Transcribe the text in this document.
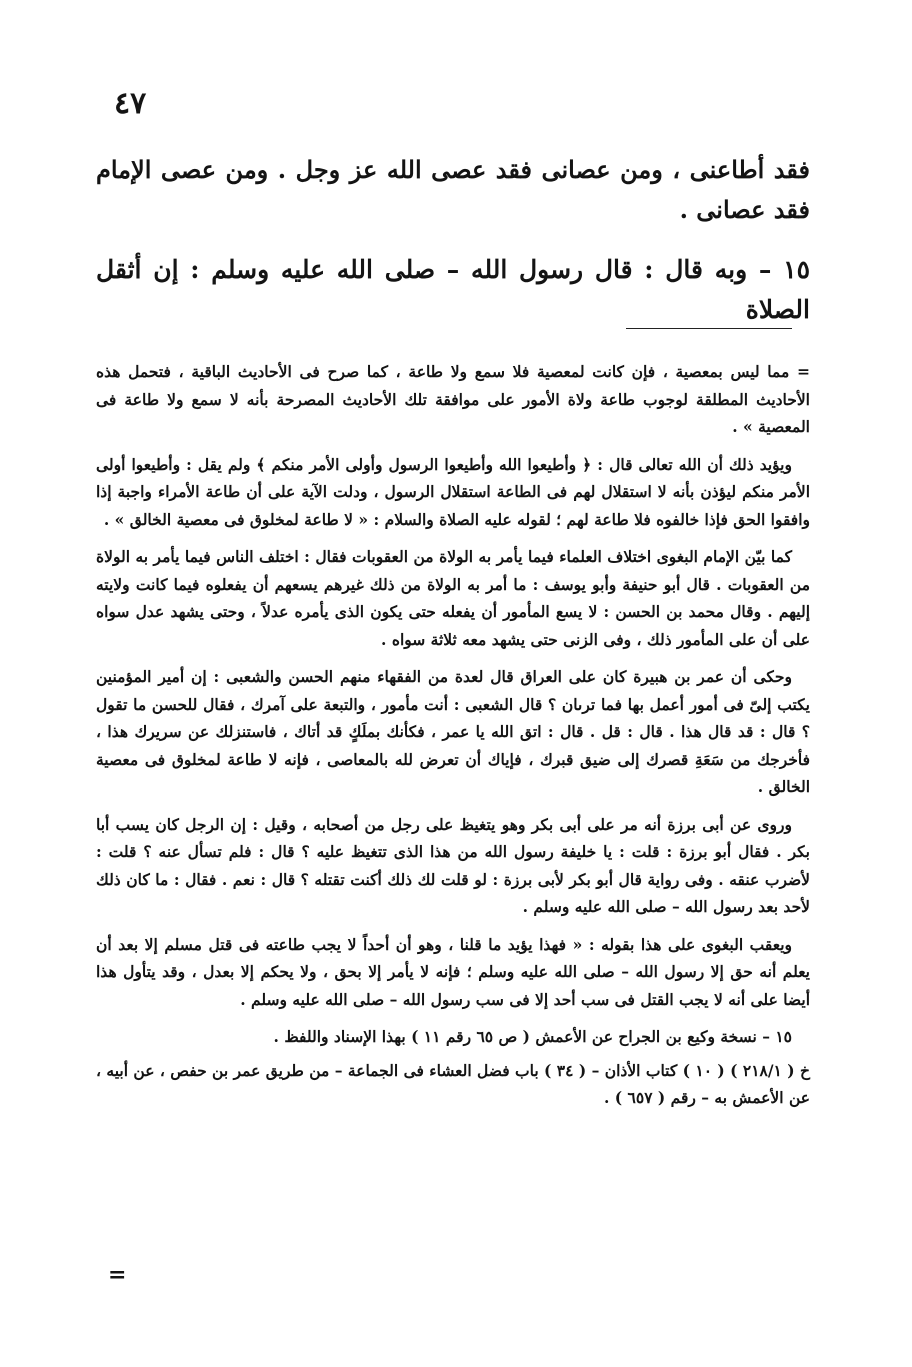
٤٧
فقد أطاعنى ، ومن عصانى فقد عصى الله عز وجل . ومن عصى الإمام فقد عصانى .
١٥ – وبه قال : قال رسول الله – صلى الله عليه وسلم : إن أثقل الصلاة

= مما ليس بمعصية ، فإن كانت لمعصية فلا سمع ولا طاعة ، كما صرح فى الأحاديث الباقية ، فتحمل هذه الأحاديث المطلقة لوجوب طاعة ولاة الأمور على موافقة تلك الأحاديث المصرحة بأنه لا سمع ولا طاعة فى المعصية » .

ويؤيد ذلك أن الله تعالى قال : ﴿ وأطيعوا الله وأطيعوا الرسول وأولى الأمر منكم ﴾ ولم يقل : وأطيعوا أولى الأمر منكم ليؤذن بأنه لا استقلال لهم فى الطاعة استقلال الرسول ، ودلت الآية على أن طاعة الأمراء واجبة إذا وافقوا الحق فإذا خالفوه فلا طاعة لهم ؛ لقوله عليه الصلاة والسلام : « لا طاعة لمخلوق فى معصية الخالق » .

كما بيّن الإمام البغوى اختلاف العلماء فيما يأمر به الولاة من العقوبات فقال : اختلف الناس فيما يأمر به الولاة من العقوبات . قال أبو حنيفة وأبو يوسف : ما أمر به الولاة من ذلك غيرهم يسعهم أن يفعلوه فيما كانت ولايته إليهم . وقال محمد بن الحسن : لا يسع المأمور أن يفعله حتى يكون الذى يأمره عدلاً ، وحتى يشهد عدل سواه على أن على المأمور ذلك ، وفى الزنى حتى يشهد معه ثلاثة سواه .

وحكى أن عمر بن هبيرة كان على العراق قال لعدة من الفقهاء منهم الحسن والشعبى : إن أمير المؤمنين يكتب إلىّ فى أمور أعمل بها فما ترىان ؟ قال الشعبى : أنت مأمور ، والتبعة على آمرك ، فقال للحسن ما تقول ؟ قال : قد قال هذا . قال : قل . قال : اتق الله يا عمر ، فكأنك بملَكٍ قد أتاك ، فاستنزلك عن سريرك هذا ، فأخرجك من سَعَةِ قصرك إلى ضيق قبرك ، فإياك أن تعرض لله بالمعاصى ، فإنه لا طاعة لمخلوق فى معصية الخالق .

وروى عن أبى برزة أنه مر على أبى بكر وهو يتغيظ على رجل من أصحابه ، وقيل : إن الرجل كان يسب أبا بكر . فقال أبو برزة : قلت : يا خليفة رسول الله من هذا الذى تتغيظ عليه ؟ قال : فلم تسأل عنه ؟ قلت : لأضرب عنقه . وفى رواية قال أبو بكر لأبى برزة : لو قلت لك ذلك أكنت تقتله ؟ قال : نعم . فقال : ما كان ذلك لأحد بعد رسول الله – صلى الله عليه وسلم .

ويعقب البغوى على هذا بقوله : « فهذا يؤيد ما قلنا ، وهو أن أحداً لا يجب طاعته فى قتل مسلم إلا بعد أن يعلم أنه حق إلا رسول الله – صلى الله عليه وسلم ؛ فإنه لا يأمر إلا بحق ، ولا يحكم إلا بعدل ، وقد يتأول هذا أيضا على أنه لا يجب القتل فى سب أحد إلا فى سب رسول الله – صلى الله عليه وسلم .

١٥ – نسخة وكيع بن الجراح عن الأعمش ( ص ٦٥ رقم ١١ ) بهذا الإسناد واللفظ .

خ ( ٢١٨/١ ) ( ١٠ ) كتاب الأذان – ( ٣٤ ) باب فضل العشاء فى الجماعة – من طريق عمر بن حفص ، عن أبيه ، عن الأعمش به – رقم ( ٦٥٧ ) .

=
